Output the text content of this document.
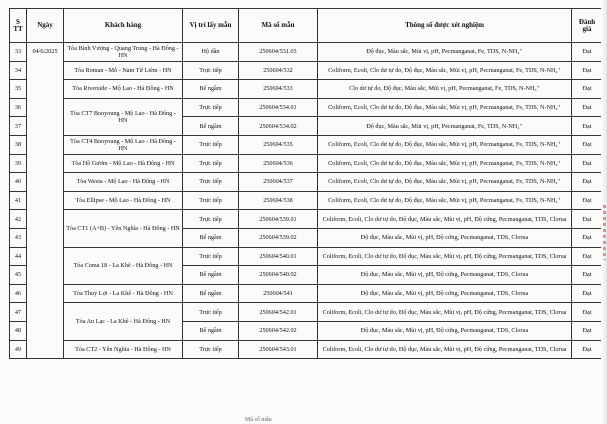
S TT	Ngày	Khách hàng	Vị trí lấy mẫu	Mã số mẫu	Thông số được xét nghiệm	Đánh giá
33	04/6/2025	Tòa Bình Vượng - Quang Trung - Hà Đông - HN	Hộ dân	250604/531.03	Độ đục, Màu sắc, Mùi vị, pH, Pecmanganat, Fe, TDS, N-NH₄⁺	Đạt
34		Tòa Roman - Mỗ - Nam Từ Liêm - HN	Trực tiếp	250604/532	Coliform, Ecoli, Clo dư tự do, Độ đục, Màu sắc, Mùi vị, pH, Pecmanganat, Fe, TDS, N-NH₄⁺	Đạt
35		Tòa Riverside - Mộ Lao - Hà Đông - HN	Bể ngầm	250604/533	Clo dư tự do, Độ đục, Màu sắc, Mùi vị, pH, Pecmanganat, Fe, TDS, N-NH₄⁺	Đạt
36		Tòa CT7 Booyoung - Mộ Lao - Hà Đông - HN	Trực tiếp	250604/534.01	Coliform, Ecoli, Clo dư tự do, Độ đục, Màu sắc, Mùi vị, pH, Pecmanganat, Fe, TDS, N-NH₄⁺	Đạt
37			Bể ngầm	250604/534.02	Độ đục, Màu sắc, Mùi vị, pH, Pecmanganat, Fe, TDS, N-NH₄⁺	Đạt
38		Tòa CT4 Booyoung - Mộ Lao - Hà Đông - HN	Trực tiếp	250604/535	Coliform, Ecoli, Clo dư tự do, Độ đục, Màu sắc, Mùi vị, pH, Pecmanganat, Fe, TDS, N-NH₄⁺	Đạt
39		Tòa Hồ Gươm - Mộ Lao - Hà Đông - HN	Trực tiếp	250604/536	Coliform, Ecoli, Clo dư tự do, Độ đục, Màu sắc, Mùi vị, pH, Pecmanganat, Fe, TDS, N-NH₄⁺	Đạt
40		Tòa Westa - Mộ Lao - Hà Đông - HN	Trực tiếp	250604/537	Coliform, Ecoli, Clo dư tự do, Độ đục, Màu sắc, Mùi vị, pH, Pecmanganat, Fe, TDS, N-NH₄⁺	Đạt
41		Tòa Ellipse - Mộ Lao - Hà Đông - HN	Trực tiếp	250604/538	Coliform, Ecoli, Clo dư tự do, Độ đục, Màu sắc, Mùi vị, pH, Pecmanganat, Fe, TDS, N-NH₄⁺	Đạt
42		Tòa CT1 (A+B) - Yên Nghĩa - Hà Đông - HN	Trực tiếp	250604/539.01	Coliform, Ecoli, Clo dư tự do, Độ đục, Màu sắc, Mùi vị, pH, Độ cứng, Pecmanganat, TDS, Clorua	Đạt
43			Bể ngầm	250604/539.02	Độ đục, Màu sắc, Mùi vị, pH, Độ cứng, Pecmanganat, TDS, Clorua	Đạt
44		Tòa Coma 18 - La Khê - Hà Đông - HN	Trực tiếp	250604/540.01	Coliform, Ecoli, Clo dư tự do, Độ đục, Màu sắc, Mùi vị, pH, Độ cứng, Pecmanganat, TDS, Clorua	Đạt
45			Bể ngầm	250604/540.02	Độ đục, Màu sắc, Mùi vị, pH, Độ cứng, Pecmanganat, TDS, Clorua	Đạt
46		Tòa Thuỷ Lợi - La Khê - Hà Đông - HN	Bể ngầm	250604/541	Độ đục, Màu sắc, Mùi vị, pH, Độ cứng, Pecmanganat, TDS, Clorua	Đạt
47		Tòa An Lạc - La Khê - Hà Đông - HN	Trực tiếp	250604/542.01	Coliform, Ecoli, Clo dư tự do, Độ đục, Màu sắc, Mùi vị, pH, Độ cứng, Pecmanganat, TDS, Clorua	Đạt
48			Bể ngầm	250604/542.02	Độ đục, Màu sắc, Mùi vị, pH, Độ cứng, Pecmanganat, TDS, Clorua	Đạt
49		Tòa CT2 - Yên Nghĩa - Hà Đông - HN	Trực tiếp	250604/543.01	Coliform, Ecoli, Clo dư tự do, Độ đục, Màu sắc, Mùi vị, pH, Độ cứng, Pecmanganat, TDS, Clorua	Đạt
Mã số mẫu
